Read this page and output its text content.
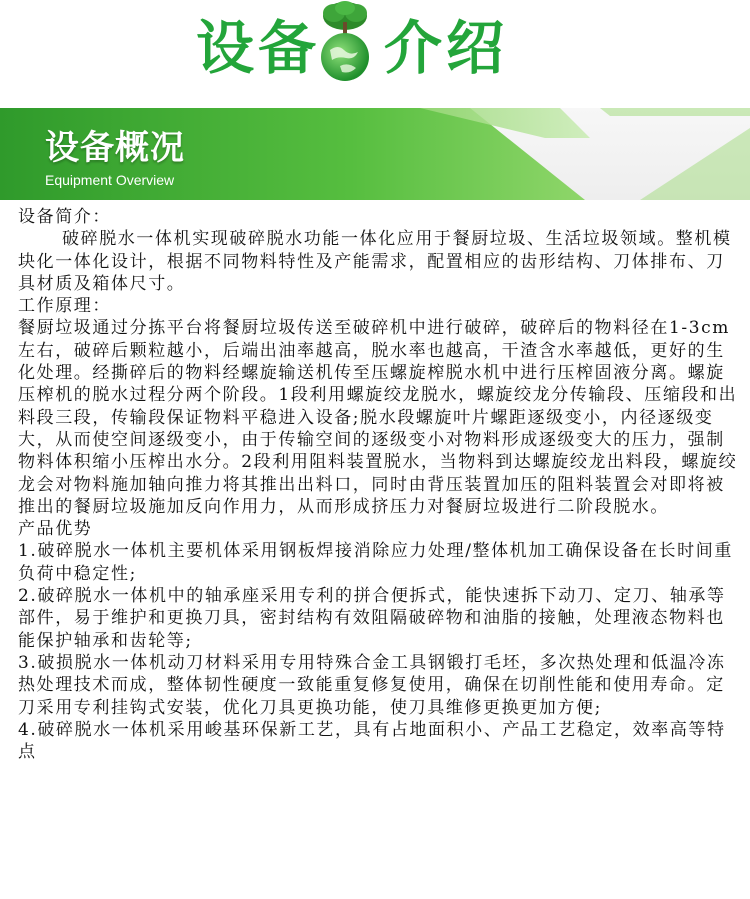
设备 介绍
设备概况
Equipment Overview

设备简介：

破碎脱水一体机实现破碎脱水功能一体化应用于餐厨垃圾、生活垃圾领域。整机模块化一体化设计，根据不同物料特性及产能需求，配置相应的齿形结构、刀体排布、刀具材质及箱体尺寸。

工作原理：

餐厨垃圾通过分拣平台将餐厨垃圾传送至破碎机中进行破碎，破碎后的物料径在1-3cm左右，破碎后颗粒越小，后端出油率越高，脱水率也越高，干渣含水率越低，更好的生化处理。经撕碎后的物料经螺旋输送机传至压螺旋榨脱水机中进行压榨固液分离。螺旋压榨机的脱水过程分两个阶段。1段利用螺旋绞龙脱水，螺旋绞龙分传输段、压缩段和出料段三段，传输段保证物料平稳进入设备;脱水段螺旋叶片螺距逐级变小，内径逐级变大，从而使空间逐级变小，由于传输空间的逐级变小对物料形成逐级变大的压力，强制物料体积缩小压榨出水分。2段利用阻料装置脱水，当物料到达螺旋绞龙出料段，螺旋绞龙会对物料施加轴向推力将其推出出料口，同时由背压装置加压的阻料装置会对即将被推出的餐厨垃圾施加反向作用力，从而形成挤压力对餐厨垃圾进行二阶段脱水。

产品优势

1.破碎脱水一体机主要机体采用钢板焊接消除应力处理/整体机加工确保设备在长时间重负荷中稳定性;

2.破碎脱水一体机中的轴承座采用专利的拼合便拆式，能快速拆下动刀、定刀、轴承等部件，易于维护和更换刀具，密封结构有效阻隔破碎物和油脂的接触，处理液态物料也能保护轴承和齿轮等;

3.破损脱水一体机动刀材料采用专用特殊合金工具钢锻打毛坯，多次热处理和低温冷冻热处理技术而成，整体韧性硬度一致能重复修复使用，确保在切削性能和使用寿命。定刀采用专利挂钩式安装，优化刀具更换功能，使刀具维修更换更加方便;

4.破碎脱水一体机采用峻基环保新工艺，具有占地面积小、产品工艺稳定，效率高等特点
